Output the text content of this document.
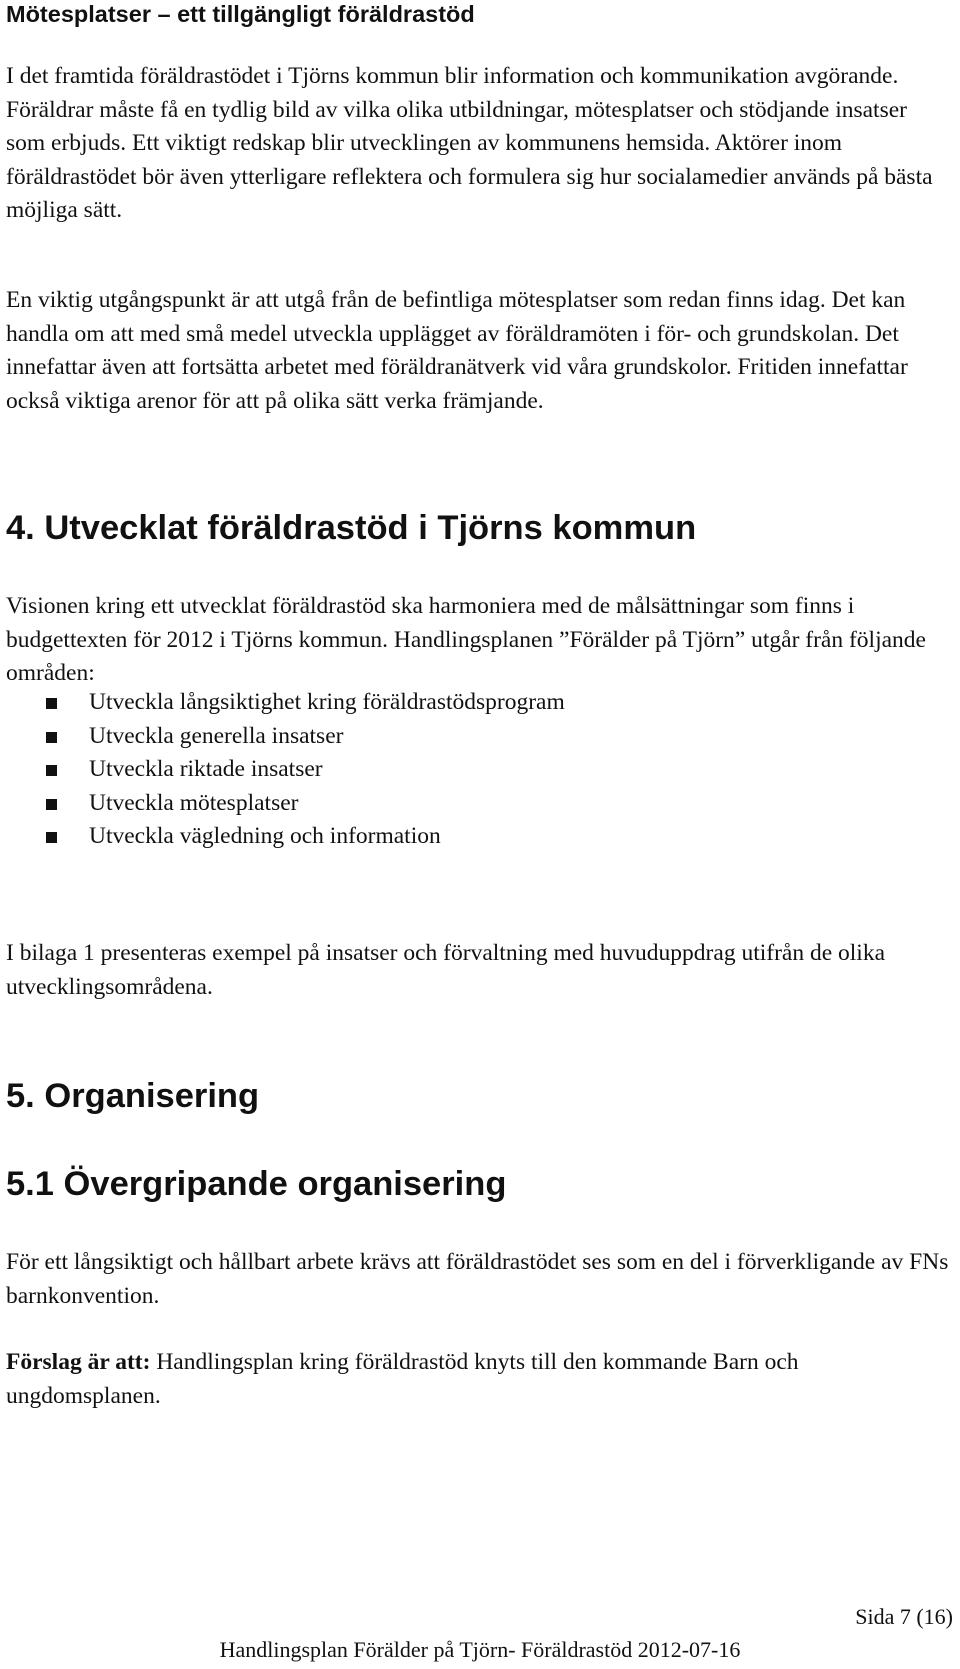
Mötesplatser – ett tillgängligt föräldrastöd

I det framtida föräldrastödet i Tjörns kommun blir information och kommunikation avgörande. Föräldrar måste få en tydlig bild av vilka olika utbildningar, mötesplatser och stödjande insatser som erbjuds. Ett viktigt redskap blir utvecklingen av kommunens hemsida. Aktörer inom föräldrastödet bör även ytterligare reflektera och formulera sig hur socialamedier används på bästa möjliga sätt.

En viktig utgångspunkt är att utgå från de befintliga mötesplatser som redan finns idag. Det kan handla om att med små medel utveckla upplägget av föräldramöten i för- och grundskolan. Det innefattar även att fortsätta arbetet med föräldranätverk vid våra grundskolor. Fritiden innefattar också viktiga arenor för att på olika sätt verka främjande.

4. Utvecklat föräldrastöd i Tjörns kommun

Visionen kring ett utvecklat föräldrastöd ska harmoniera med de målsättningar som finns i budgettexten för 2012 i Tjörns kommun. Handlingsplanen ”Förälder på Tjörn” utgår från följande områden:

Utveckla långsiktighet kring föräldrastödsprogram
Utveckla generella insatser
Utveckla riktade insatser
Utveckla mötesplatser
Utveckla vägledning och information

I bilaga 1 presenteras exempel på insatser och förvaltning med huvuduppdrag utifrån de olika utvecklingsområdena.

5. Organisering
5.1 Övergripande organisering

För ett långsiktigt och hållbart arbete krävs att föräldrastödet ses som en del i förverkligande av FNs barnkonvention.

Förslag är att: Handlingsplan kring föräldrastöd knyts till den kommande Barn och ungdomsplanen.

Sida 7 (16)
Handlingsplan Förälder på Tjörn- Föräldrastöd 2012-07-16
